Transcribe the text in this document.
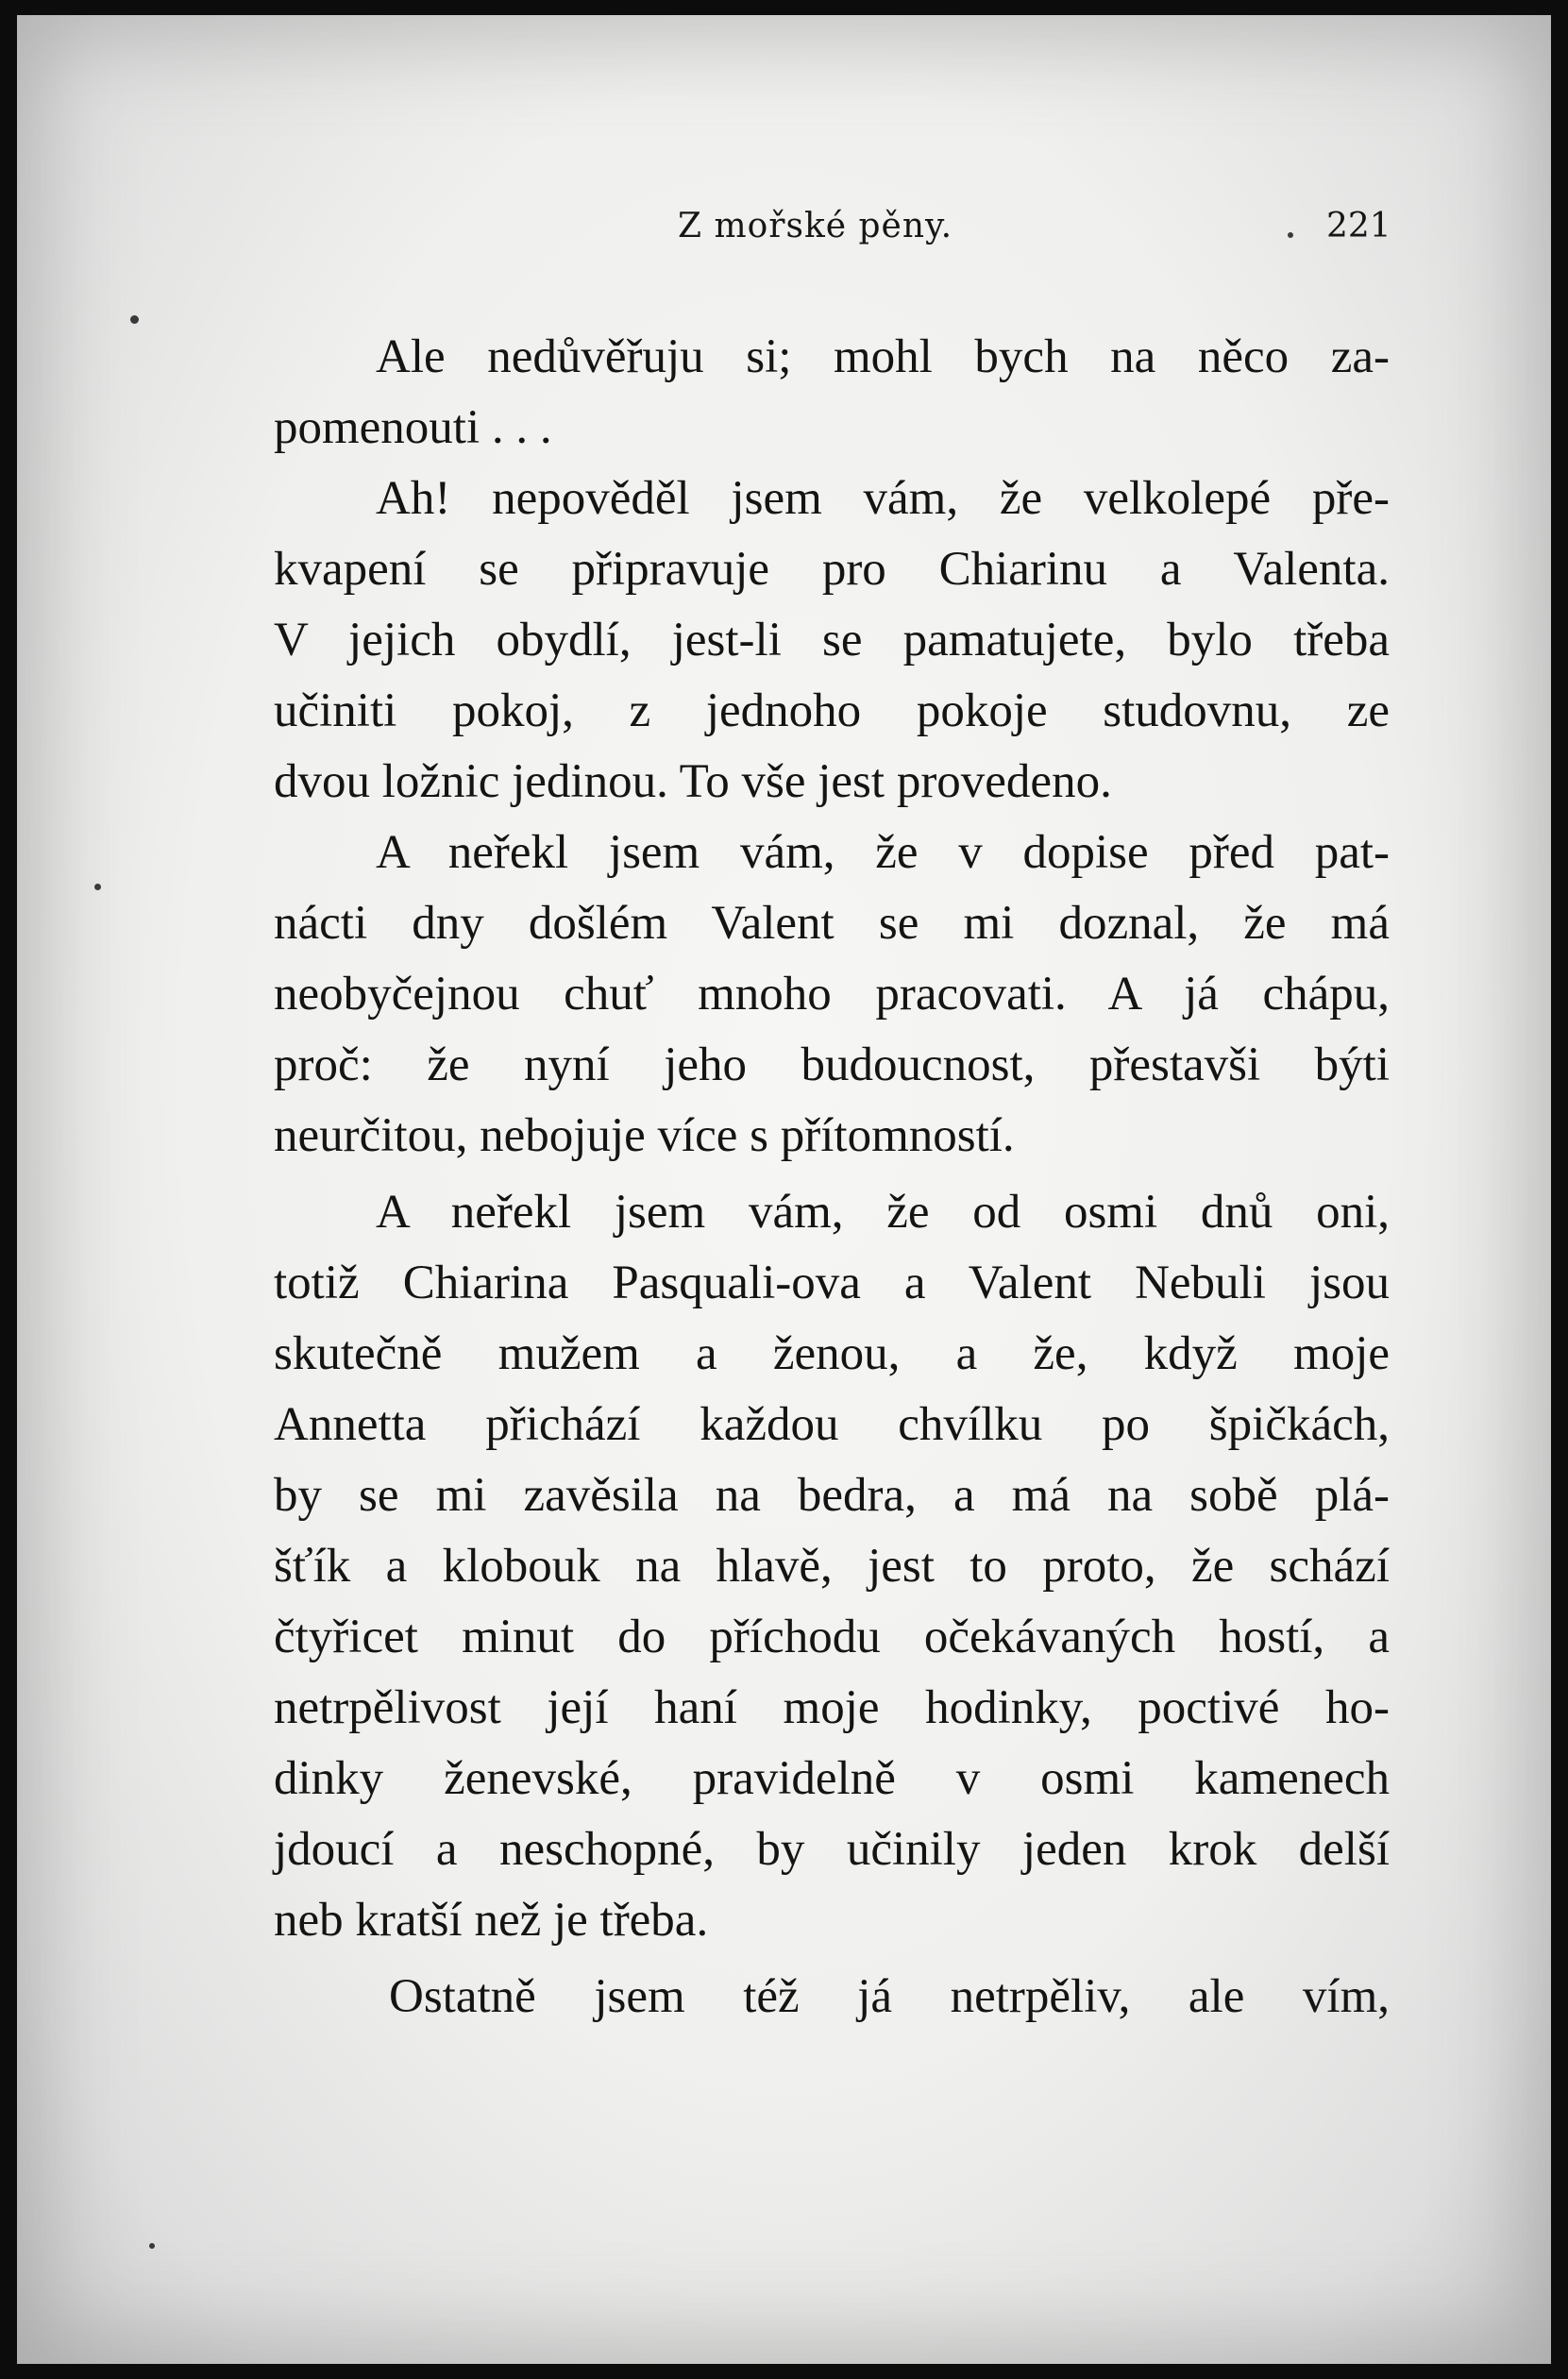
Z mořské pěny.	221
Ale nedůvěřuju si; mohl bych na něco za-
pomenouti . . .
Ah! nepověděl jsem vám, že velkolepé pře-
kvapení se připravuje pro Chiarinu a Valenta.
V jejich obydlí, jest-li se pamatujete, bylo třeba
učiniti pokoj, z jednoho pokoje studovnu, ze
dvou ložnic jedinou. To vše jest provedeno.
A neřekl jsem vám, že v dopise před pat-
nácti dny došlém Valent se mi doznal, že má
neobyčejnou chuť mnoho pracovati. A já chápu,
proč: že nyní jeho budoucnost, přestavši býti
neurčitou, nebojuje více s přítomností.
A neřekl jsem vám, že od osmi dnů oni,
totiž Chiarina Pasquali-ova a Valent Nebuli jsou
skutečně mužem a ženou, a že, když moje
Annetta přichází každou chvílku po špičkách,
by se mi zavěsila na bedra, a má na sobě plá-
šťík a klobouk na hlavě, jest to proto, že schází
čtyřicet minut do příchodu očekávaných hostí, a
netrpělivost její haní moje hodinky, poctivé ho-
dinky ženevské, pravidelně v osmi kamenech
jdoucí a neschopné, by učinily jeden krok delší
neb kratší než je třeba.
Ostatně jsem též já netrpěliv, ale vím,
